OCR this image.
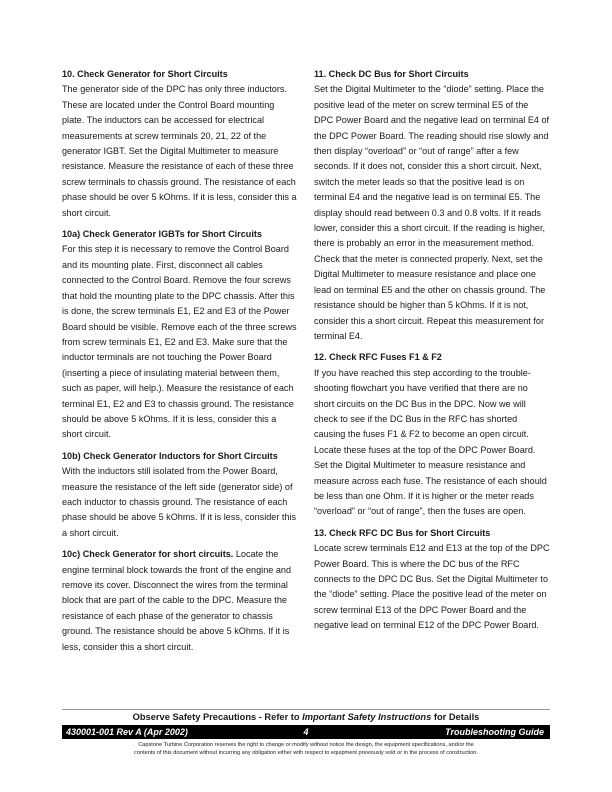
10. Check Generator for Short Circuits
The generator side of the DPC has only three inductors. These are located under the Control Board mounting plate. The inductors can be accessed for electrical measurements at screw terminals 20, 21, 22 of the generator IGBT. Set the Digital Multimeter to measure resistance. Measure the resistance of each of these three screw terminals to chassis ground. The resistance of each phase should be over 5 kOhms. If it is less, consider this a short circuit.
10a) Check Generator IGBTs for Short Circuits
For this step it is necessary to remove the Control Board and its mounting plate. First, disconnect all cables connected to the Control Board. Remove the four screws that hold the mounting plate to the DPC chassis. After this is done, the screw terminals E1, E2 and E3 of the Power Board should be visible. Remove each of the three screws from screw terminals E1, E2 and E3. Make sure that the inductor terminals are not touching the Power Board (inserting a piece of insulating material between them, such as paper, will help.). Measure the resistance of each terminal E1, E2 and E3 to chassis ground. The resistance should be above 5 kOhms. If it is less, consider this a short circuit.
10b) Check Generator Inductors for Short Circuits
With the inductors still isolated from the Power Board, measure the resistance of the left side (generator side) of each inductor to chassis ground. The resistance of each phase should be above 5 kOhms. If it is less, consider this a short circuit.
10c) Check Generator for short circuits. Locate the engine terminal block towards the front of the engine and remove its cover. Disconnect the wires from the terminal block that are part of the cable to the DPC. Measure the resistance of each phase of the generator to chassis ground. The resistance should be above 5 kOhms. If it is less, consider this a short circuit.
11. Check DC Bus for Short Circuits
Set the Digital Multimeter to the “diode” setting. Place the positive lead of the meter on screw terminal E5 of the DPC Power Board and the negative lead on terminal E4 of the DPC Power Board. The reading should rise slowly and then display “overload” or “out of range” after a few seconds. If it does not, consider this a short circuit. Next, switch the meter leads so that the positive lead is on terminal E4 and the negative lead is on terminal E5. The display should read between 0.3 and 0.8 volts. If it reads lower, consider this a short circuit. If the reading is higher, there is probably an error in the measurement method. Check that the meter is connected properly. Next, set the Digital Multimeter to measure resistance and place one lead on terminal E5 and the other on chassis ground. The resistance should be higher than 5 kOhms. If it is not, consider this a short circuit. Repeat this measurement for terminal E4.
12. Check RFC Fuses F1 & F2
If you have reached this step according to the trouble-shooting flowchart you have verified that there are no short circuits on the DC Bus in the DPC. Now we will check to see if the DC Bus in the RFC has shorted causing the fuses F1 & F2 to become an open circuit. Locate these fuses at the top of the DPC Power Board. Set the Digital Multimeter to measure resistance and measure across each fuse. The resistance of each should be less than one Ohm. If it is higher or the meter reads “overload” or “out of range”, then the fuses are open.
13. Check RFC DC Bus for Short Circuits
Locate screw terminals E12 and E13 at the top of the DPC Power Board. This is where the DC bus of the RFC connects to the DPC DC Bus. Set the Digital Multimeter to the “diode” setting. Place the positive lead of the meter on screw terminal E13 of the DPC Power Board and the negative lead on terminal E12 of the DPC Power Board.
Observe Safety Precautions - Refer to Important Safety Instructions for Details
4
430001-001 Rev A (Apr 2002)	Troubleshooting Guide
Capstone Turbine Corporation reserves the right to change or modify without notice the design, the equipment specifications, and/or the
contents of this document without incurring any obligation either with respect to equipment previously sold or in the process of construction.
